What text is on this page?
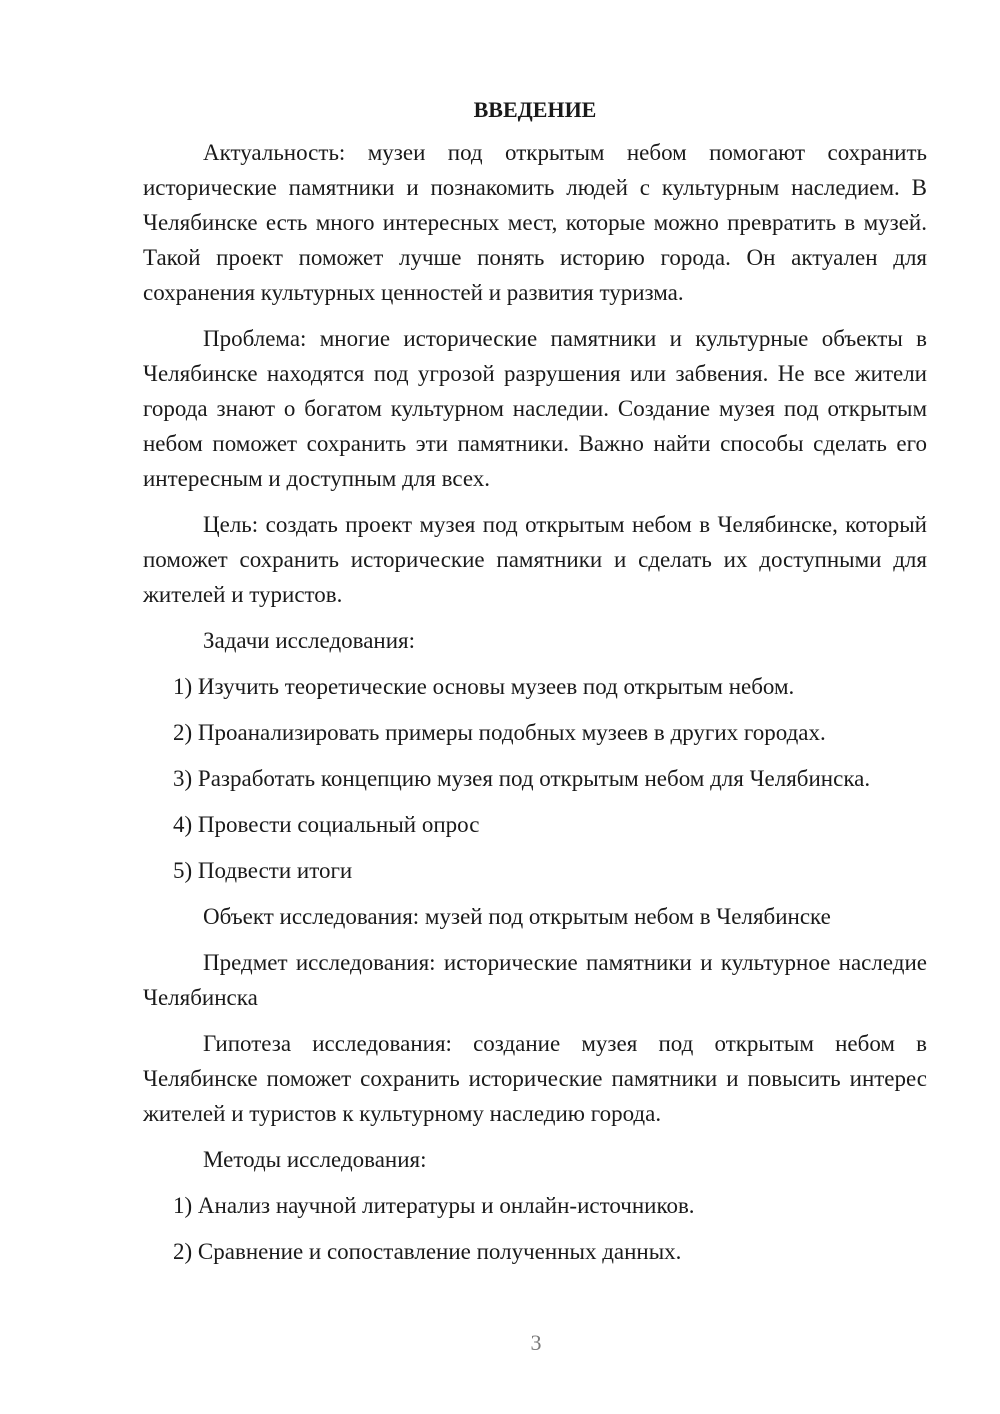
ВВЕДЕНИЕ
Актуальность: музеи под открытым небом помогают сохранить исторические памятники и познакомить людей с культурным наследием. В Челябинске есть много интересных мест, которые можно превратить в музей. Такой проект поможет лучше понять историю города. Он актуален для сохранения культурных ценностей и развития туризма.
Проблема: многие исторические памятники и культурные объекты в Челябинске находятся под угрозой разрушения или забвения. Не все жители города знают о богатом культурном наследии. Создание музея под открытым небом поможет сохранить эти памятники. Важно найти способы сделать его интересным и доступным для всех.
Цель: создать проект музея под открытым небом в Челябинске, который поможет сохранить исторические памятники и сделать их доступными для жителей и туристов.
Задачи исследования:
1) Изучить теоретические основы музеев под открытым небом.
2) Проанализировать примеры подобных музеев в других городах.
3) Разработать концепцию музея под открытым небом для Челябинска.
4) Провести социальный опрос
5) Подвести итоги
Объект исследования: музей под открытым небом в Челябинске
Предмет исследования: исторические памятники и культурное наследие Челябинска
Гипотеза исследования: создание музея под открытым небом в Челябинске поможет сохранить исторические памятники и повысить интерес жителей и туристов к культурному наследию города.
Методы исследования:
1) Анализ научной литературы и онлайн-источников.
2) Сравнение и сопоставление полученных данных.
3
